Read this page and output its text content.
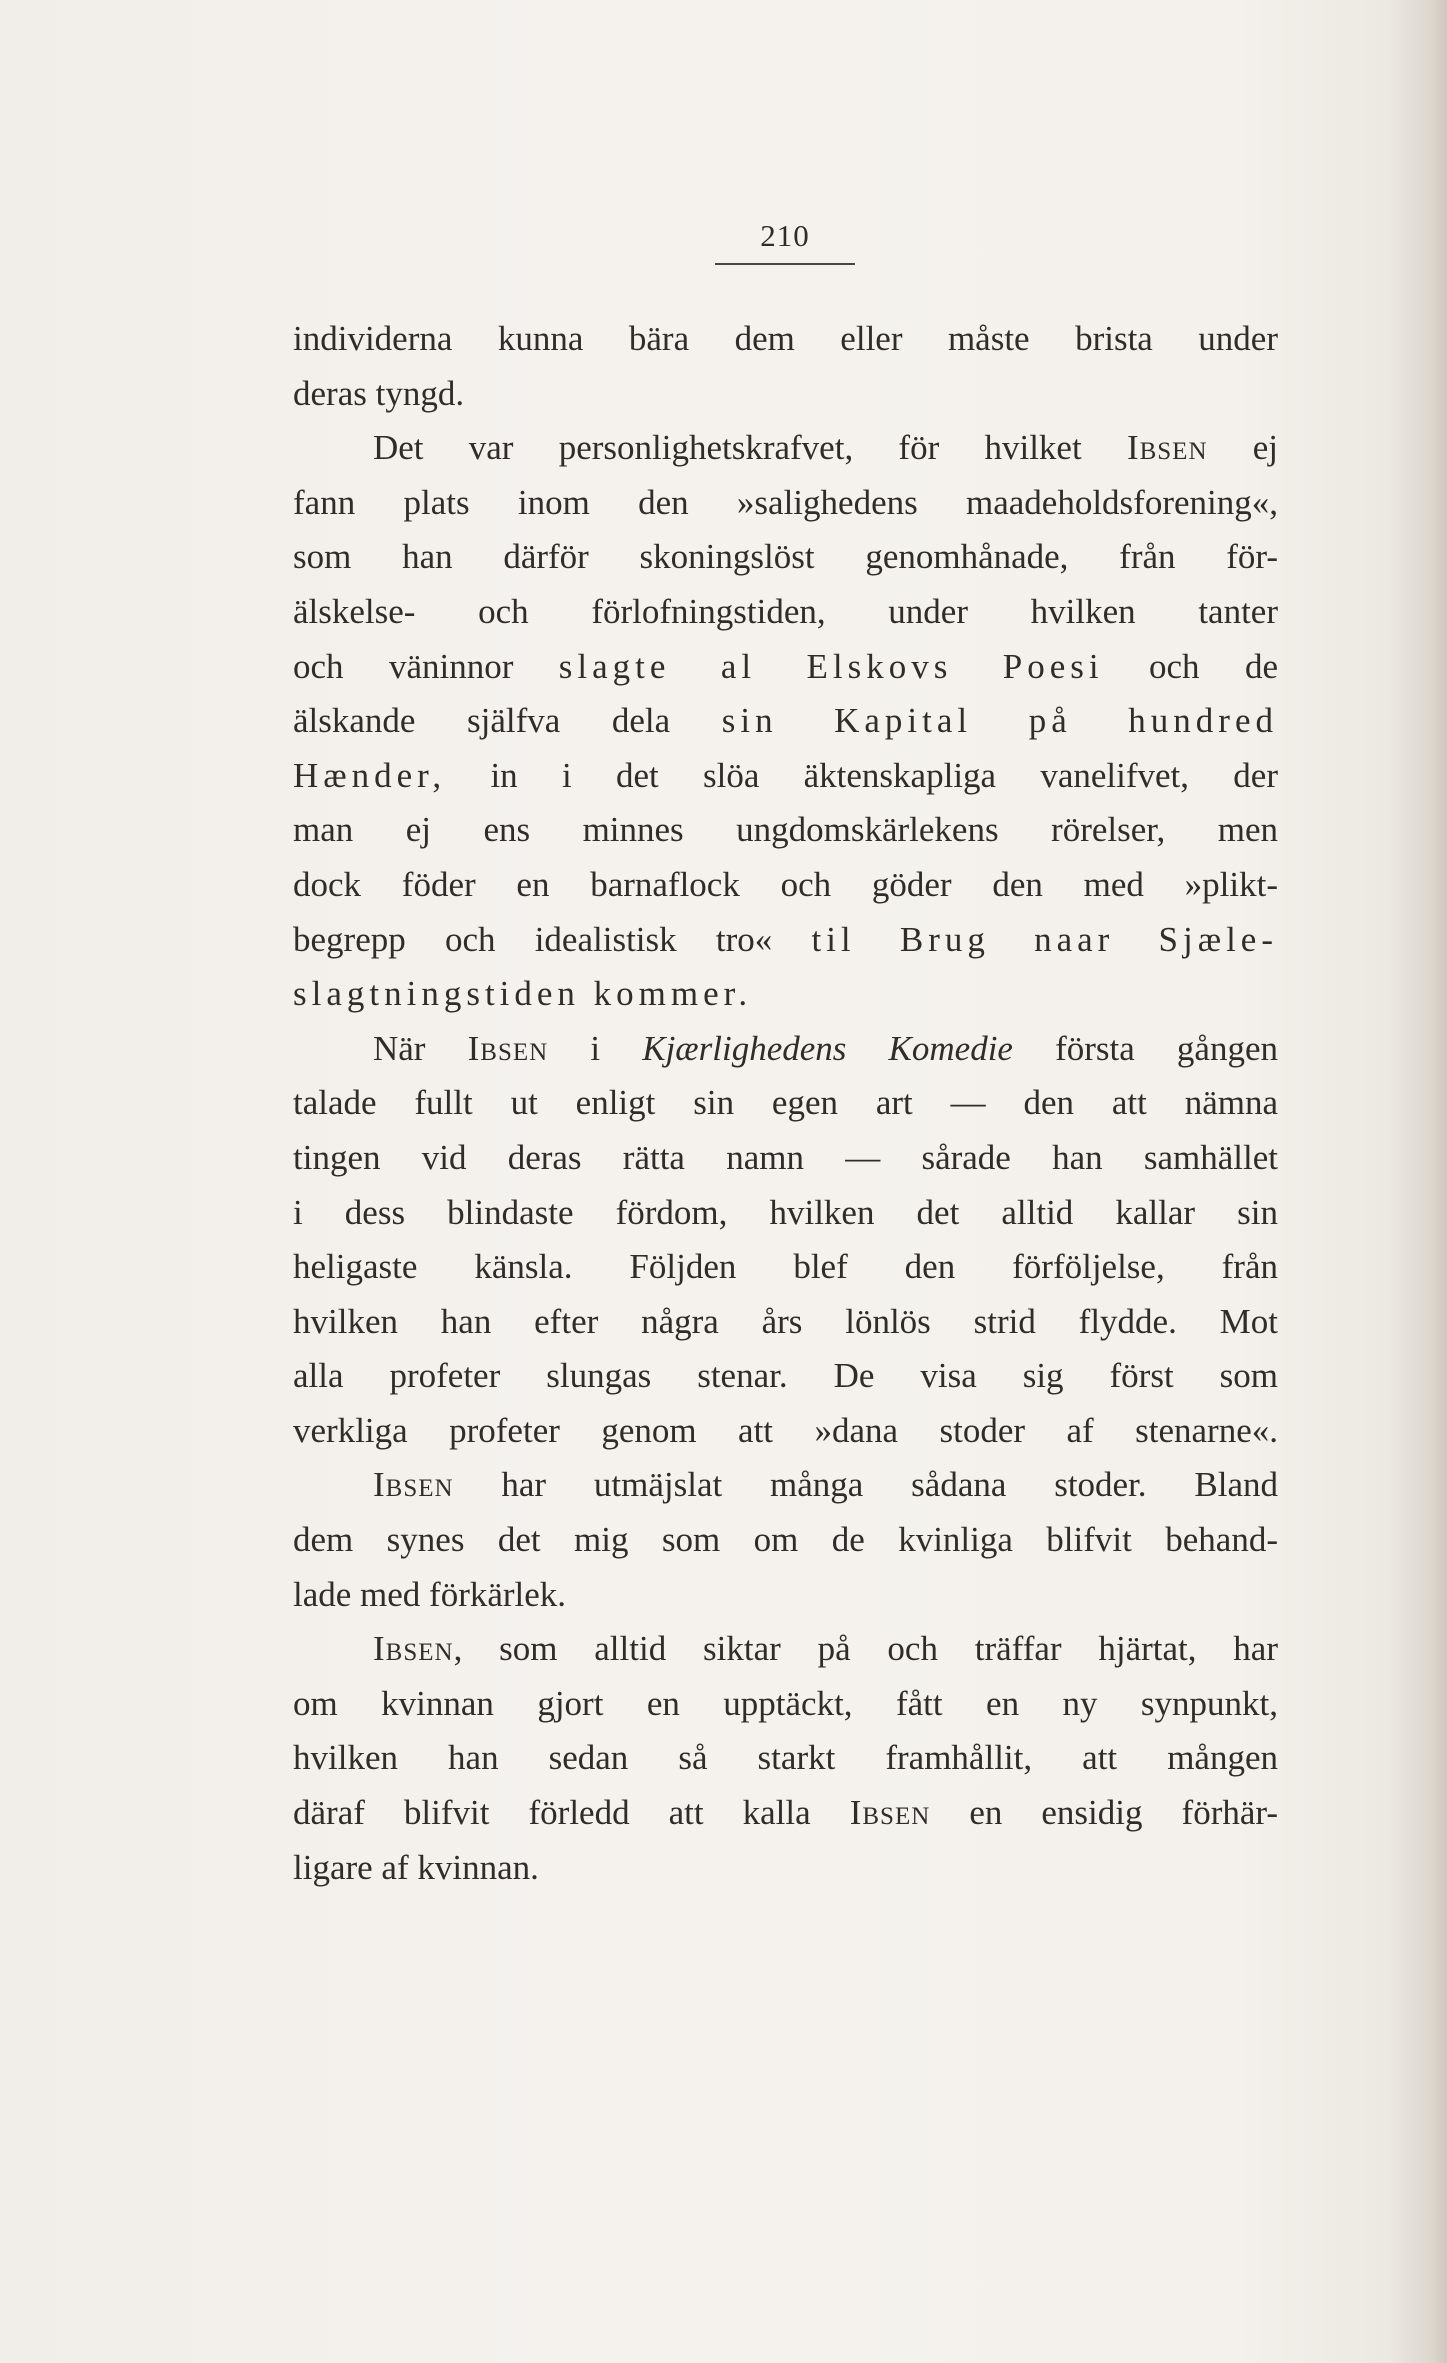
210
individerna kunna bära dem eller måste brista under
deras tyngd.
Det var personlighetskrafvet, för hvilket Ibsen ej
fann plats inom den »salighedens maadeholdsforening«,
som han därför skoningslöst genomhånade, från för-
älskelse- och förlofningstiden, under hvilken tanter
och väninnor slagte al Elskovs Poesi och de
älskande själfva dela sin Kapital på hundred
Hænder, in i det slöa äktenskapliga vanelifvet, der
man ej ens minnes ungdomskärlekens rörelser, men
dock föder en barnaflock och göder den med »plikt-
begrepp och idealistisk tro« til Brug naar Sjæle-
slagtningstiden kommer.
När Ibsen i Kjærlighedens Komedie första gången
talade fullt ut enligt sin egen art — den att nämna
tingen vid deras rätta namn — sårade han samhället
i dess blindaste fördom, hvilken det alltid kallar sin
heligaste känsla. Följden blef den förföljelse, från
hvilken han efter några års lönlös strid flydde. Mot
alla profeter slungas stenar. De visa sig först som
verkliga profeter genom att »dana stoder af stenarne«.
Ibsen har utmäjslat många sådana stoder. Bland
dem synes det mig som om de kvinliga blifvit behand-
lade med förkärlek.
Ibsen, som alltid siktar på och träffar hjärtat, har
om kvinnan gjort en upptäckt, fått en ny synpunkt,
hvilken han sedan så starkt framhållit, att mången
däraf blifvit förledd att kalla Ibsen en ensidig förhär-
ligare af kvinnan.
